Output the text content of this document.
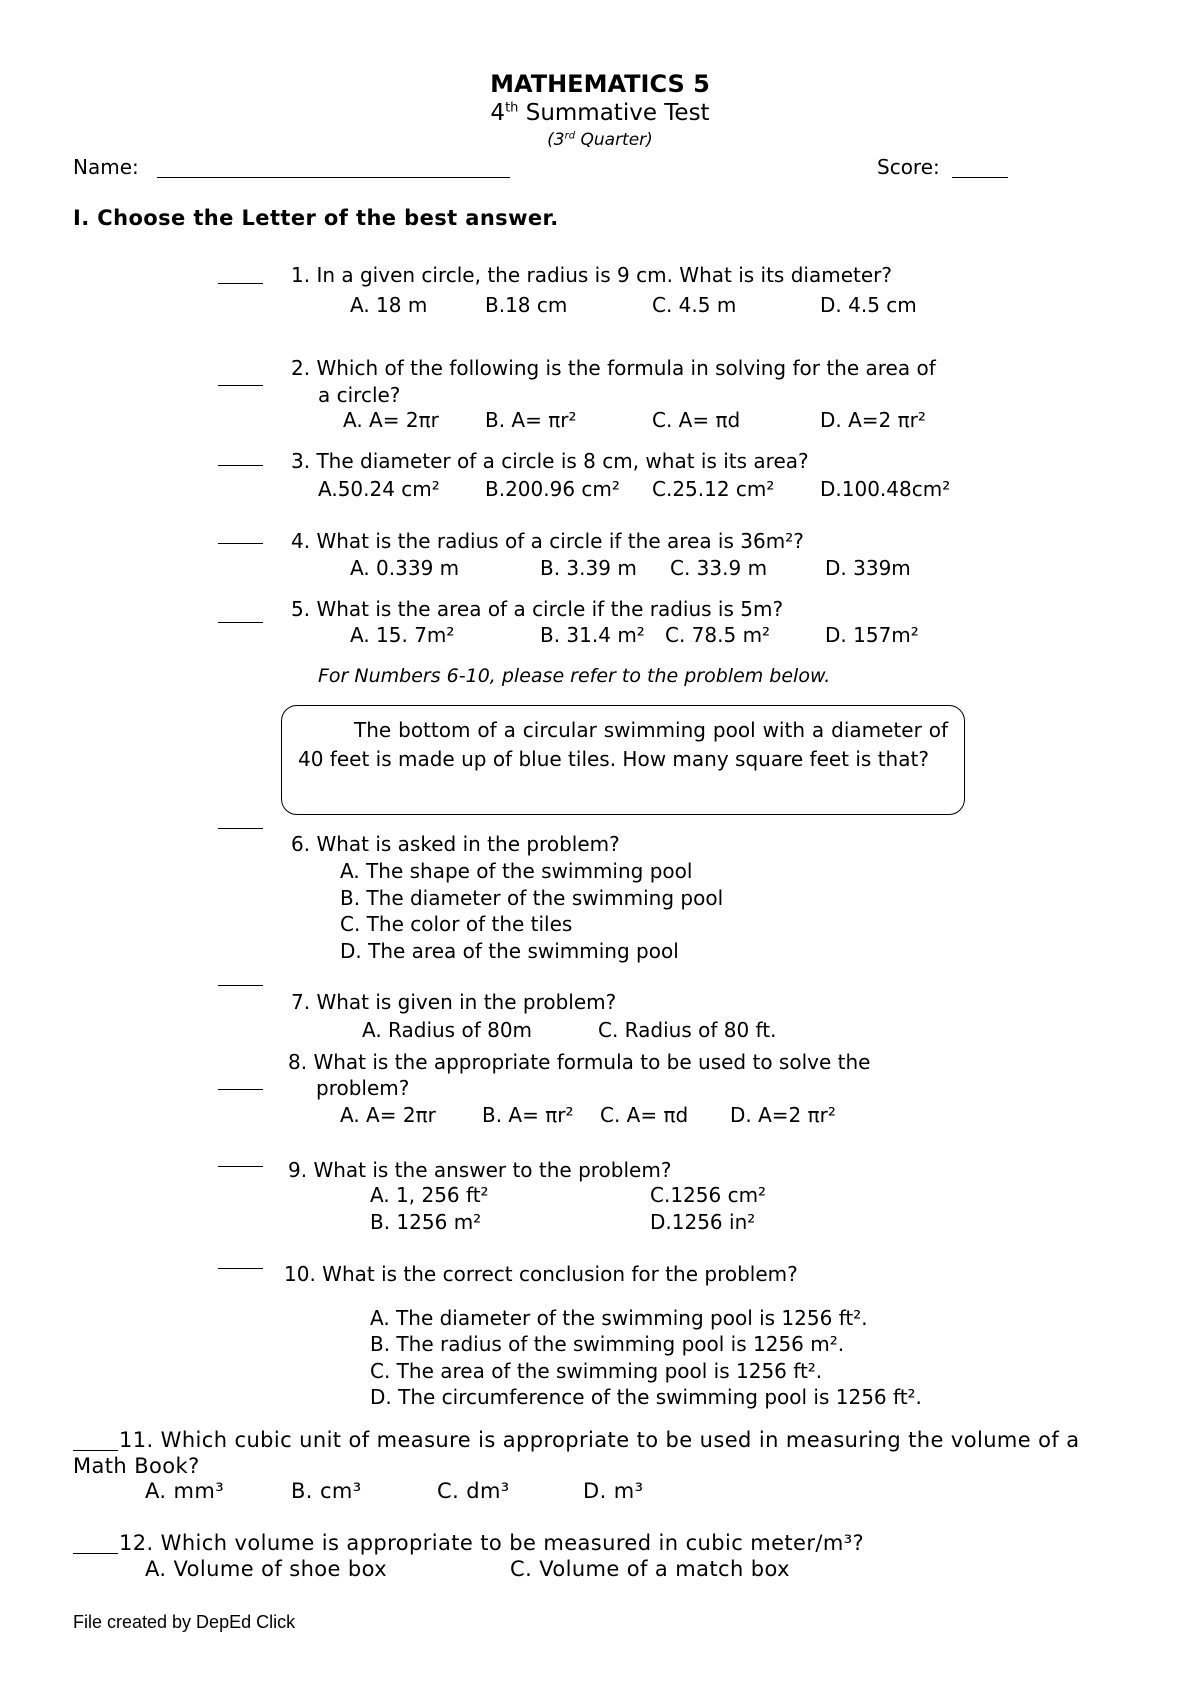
MATHEMATICS 5
4th Summative Test
(3rd Quarter)
Name:	Score:
I. Choose the Letter of the best answer.
1. In a given circle, the radius is 9 cm. What is its diameter?
A. 18 m	B.18 cm	C. 4.5 m	D. 4.5 cm
2. Which of the following is the formula in solving for the area of
a circle?
A. A= 2πr B. A= πr²	C. A= πd	D. A=2 πr²
3. The diameter of a circle is 8 cm, what is its area?
A.50.24 cm² B.200.96 cm² C.25.12 cm² D.100.48cm²
4. What is the radius of a circle if the area is 36m²?
A. 0.339 m	B. 3.39 m C. 33.9 m	D. 339m
5. What is the area of a circle if the radius is 5m?
A. 15. 7m²	B. 31.4 m² C. 78.5 m²	D. 157m²
For Numbers 6-10, please refer to the problem below.

The bottom of a circular swimming pool with a diameter of 40 feet is made up of blue tiles. How many square feet is that?

6. What is asked in the problem?
A. The shape of the swimming pool
B. The diameter of the swimming pool
C. The color of the tiles
D. The area of the swimming pool
7. What is given in the problem?
A. Radius of 80m	C. Radius of 80 ft.
8. What is the appropriate formula to be used to solve the
problem?
A. A= 2πr B. A= πr² C. A= πd D. A=2 πr²
9. What is the answer to the problem?
A. 1, 256 ft²
B. 1256 m²
C.1256 cm²
D.1256 in²
10. What is the correct conclusion for the problem?
A. The diameter of the swimming pool is 1256 ft².
B. The radius of the swimming pool is 1256 m².
C. The area of the swimming pool is 1256 ft².
D. The circumference of the swimming pool is 1256 ft².
11. Which cubic unit of measure is appropriate to be used in measuring the volume of a
Math Book?
A. mm³	B. cm³	C. dm³	D. m³
12. Which volume is appropriate to be measured in cubic meter/m³?
A. Volume of shoe box	C. Volume of a match box
File created by DepEd Click
